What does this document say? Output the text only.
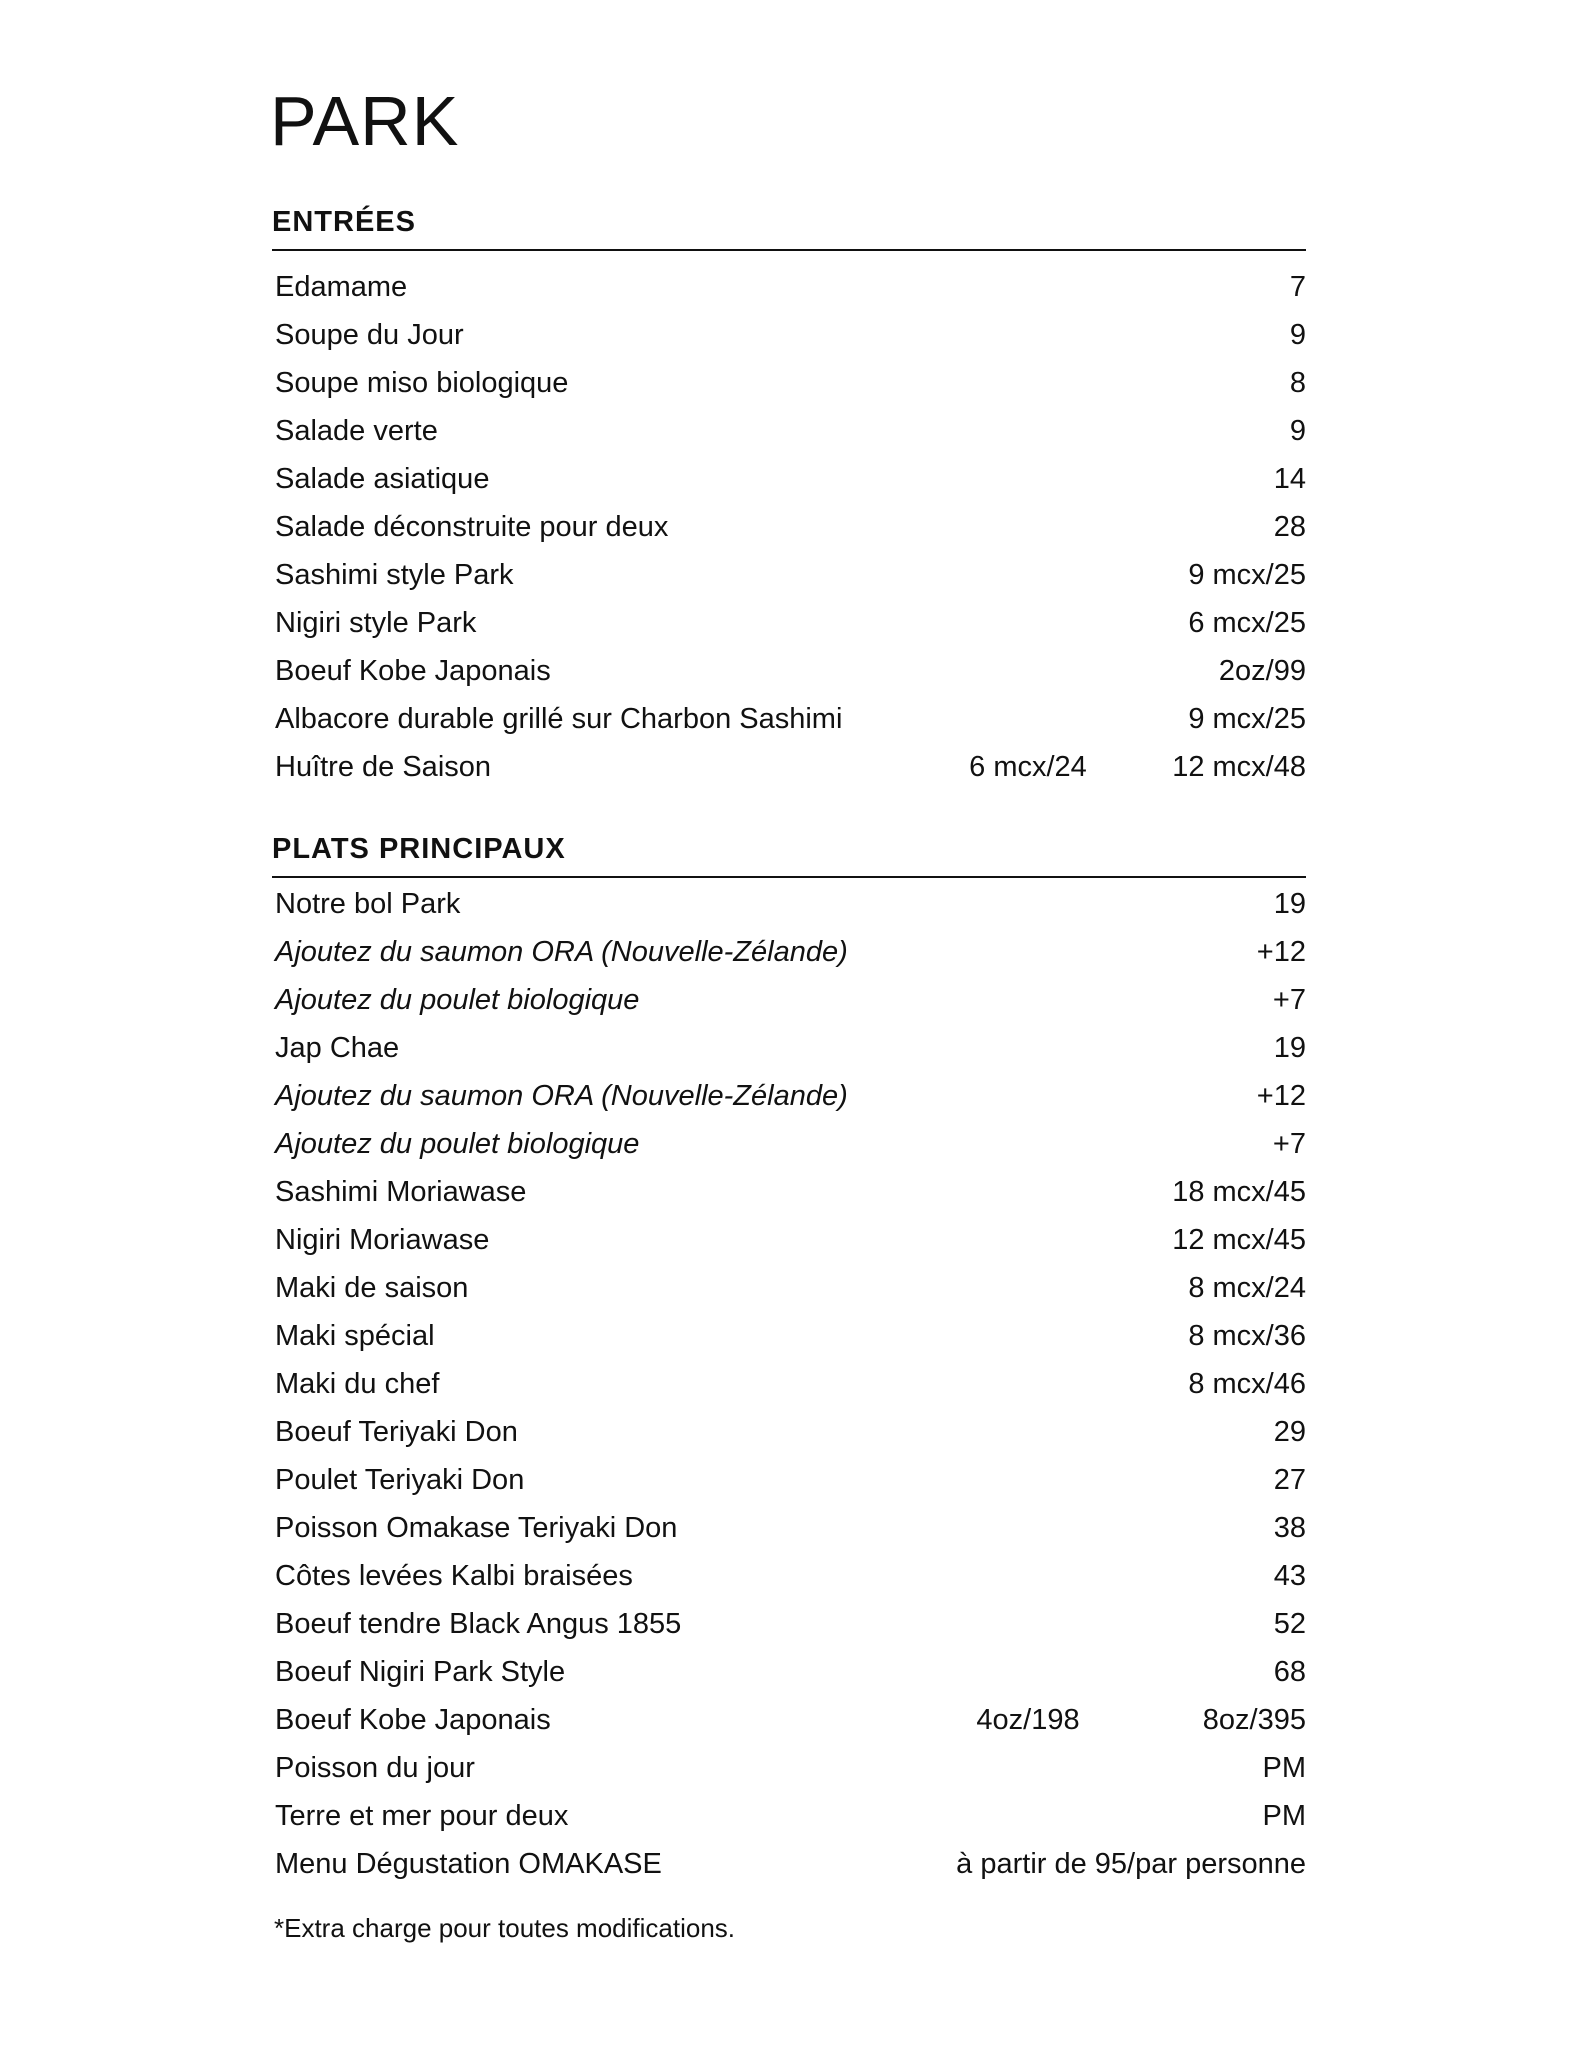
PARK
ENTRÉES
Edamame	7
Soupe du Jour	9
Soupe miso biologique	8
Salade verte	9
Salade asiatique	14
Salade déconstruite pour deux	28
Sashimi style Park	9 mcx/25
Nigiri style Park	6 mcx/25
Boeuf Kobe Japonais	2oz/99
Albacore durable grillé sur Charbon Sashimi	9 mcx/25
Huître de Saison	6 mcx/24	12 mcx/48
PLATS PRINCIPAUX
Notre bol Park	19
Ajoutez du saumon ORA (Nouvelle-Zélande)	+12
Ajoutez du poulet biologique	+7
Jap Chae	19
Ajoutez du saumon ORA (Nouvelle-Zélande)	+12
Ajoutez du poulet biologique	+7
Sashimi Moriawase	18 mcx/45
Nigiri Moriawase	12 mcx/45
Maki de saison	8 mcx/24
Maki spécial	8 mcx/36
Maki du chef	8 mcx/46
Boeuf Teriyaki Don	29
Poulet Teriyaki Don	27
Poisson Omakase Teriyaki Don	38
Côtes levées Kalbi braisées	43
Boeuf tendre Black Angus 1855	52
Boeuf Nigiri Park Style	68
Boeuf Kobe Japonais	4oz/198	8oz/395
Poisson du jour	PM
Terre et mer pour deux	PM
Menu Dégustation OMAKASE	à partir de 95/par personne

*Extra charge pour toutes modifications.
